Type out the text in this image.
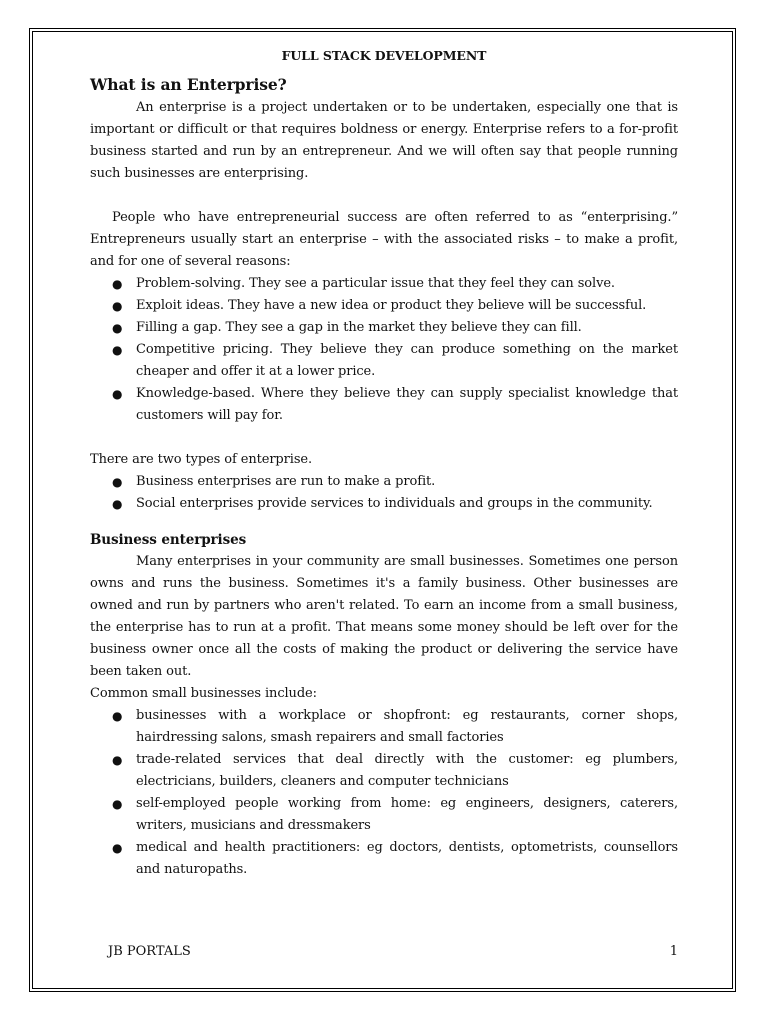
FULL STACK DEVELOPMENT
What is an Enterprise?

An enterprise is a project undertaken or to be undertaken, especially one that is important or difficult or that requires boldness or energy. Enterprise refers to a for-profit business started and run by an entrepreneur. And we will often say that people running such businesses are enterprising.

People who have entrepreneurial success are often referred to as “enterprising.” Entrepreneurs usually start an enterprise – with the associated risks – to make a profit, and for one of several reasons:

● Problem-solving. They see a particular issue that they feel they can solve.
● Exploit ideas. They have a new idea or product they believe will be successful.
● Filling a gap. They see a gap in the market they believe they can fill.
● Competitive pricing. They believe they can produce something on the market cheaper and offer it at a lower price.
● Knowledge-based. Where they believe they can supply specialist knowledge that customers will pay for.

There are two types of enterprise.

● Business enterprises are run to make a profit.
● Social enterprises provide services to individuals and groups in the community.
Business enterprises

Many enterprises in your community are small businesses. Sometimes one person owns and runs the business. Sometimes it's a family business. Other businesses are owned and run by partners who aren't related. To earn an income from a small business, the enterprise has to run at a profit. That means some money should be left over for the business owner once all the costs of making the product or delivering the service have been taken out.

Common small businesses include:

● businesses with a workplace or shopfront: eg restaurants, corner shops, hairdressing salons, smash repairers and small factories
● trade-related services that deal directly with the customer: eg plumbers, electricians, builders, cleaners and computer technicians
● self-employed people working from home: eg engineers, designers, caterers, writers, musicians and dressmakers
● medical and health practitioners: eg doctors, dentists, optometrists, counsellors and naturopaths.
JB PORTALS	1
